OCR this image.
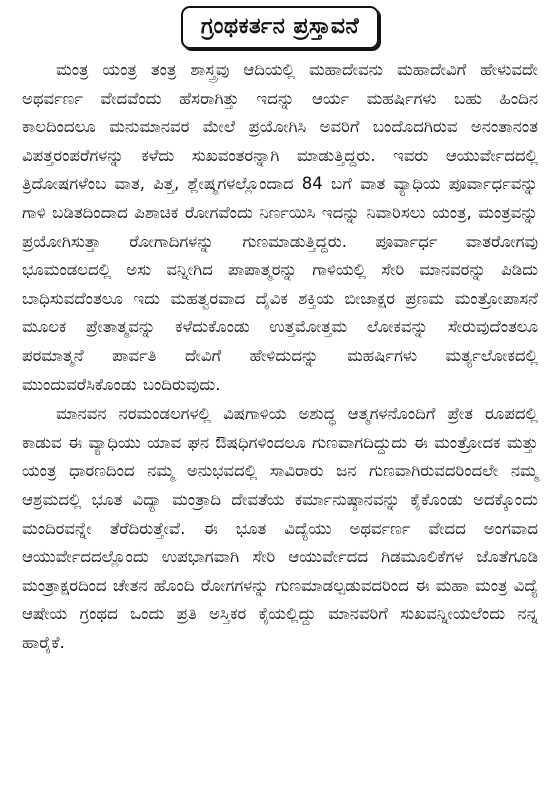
ಗ್ರಂಥಕರ್ತನ ಪ್ರಸ್ತಾವನೆ

ಮಂತ್ರ ಯಂತ್ರ ತಂತ್ರ ಶಾಸ್ತ್ರವು ಆದಿಯಲ್ಲಿ ಮಹಾದೇವನು ಮಹಾದೇವಿಗೆ ಹೇಳುವದೇ ಅಥರ್ವರ್ಣ ವೇದವೆಂದು ಹೆಸರಾಗಿತ್ತು ಇದನ್ನು ಆರ್ಯ ಮಹರ್ಷಿಗಳು ಬಹು ಹಿಂದಿನ ಕಾಲದಿಂದಲೂ ಮನುಮಾನವರ ಮೇಲೆ ಪ್ರಯೋಗಿಸಿ ಅವರಿಗೆ ಬಂದೊದಗಿರುವ ಅನಂತಾನಂತ ವಿಪತ್ತರಂಪರೆಗಳನ್ನು ಕಳೆದು ಸುಖವಂತರನ್ನಾಗಿ ಮಾಡುತ್ತಿದ್ದರು. ಇವರು ಆಯುರ್ವೇದದಲ್ಲಿ ತ್ರಿದೋಷಗಳೆಂಬ ವಾತ, ಪಿತ್ತ, ಶ್ಲೇಷ್ಮಗಳಲ್ಲೊಂದಾದ 84 ಬಗೆ ವಾತ ವ್ಯಾಧಿಯ ಪೂರ್ವಾರ್ಧವನ್ನು ಗಾಳಿ ಬಡಿತದಿಂದಾದ ಪಿಶಾಚಿಕ ರೋಗವೆಂದು ನಿರ್ಣಯಿಸಿ ಇದನ್ನು ನಿವಾರಿಸಲು ಯಂತ್ರ, ಮಂತ್ರವನ್ನು ಪ್ರಯೋಗಿಸುತ್ತಾ ರೋಗಾದಿಗಳನ್ನು ಗುಣಮಾಡುತ್ತಿದ್ದರು. ಪೂರ್ವಾರ್ಧ ವಾತರೋಗವು ಭೂಮಂಡಲದಲ್ಲಿ ಅಸು ವನ್ನೀಗಿದ ಪಾಪಾತ್ಮರನ್ನು ಗಾಳಿಯಲ್ಲಿ ಸೇರಿ ಮಾನವರನ್ನು ಪಿಡಿದು ಬಾಧಿಸುವದೆಂತಲೂ ಇದು ಮಹತ್ವರವಾದ ದೈವಿಕ ಶಕ್ತಿಯ ಬೀಜಾಕ್ಷರ ಪ್ರಣಮ ಮಂತ್ರೋಪಾಸನೆ ಮೂಲಕ ಪ್ರೇತಾತ್ಮವನ್ನು ಕಳೆದುಕೊಂಡು ಉತ್ತಮೋತ್ತಮ ಲೋಕವನ್ನು ಸೇರುವುದೆಂತಲೂ ಪರಮಾತ್ಮನೆ ಪಾರ್ವತಿ ದೇವಿಗೆ ಹೇಳಿದುದನ್ನು ಮಹರ್ಷಿಗಳು ಮರ್ತ್ಯಲೋಕದಲ್ಲಿ ಮುಂದುವರೆಸಿಕೊಂಡು ಬಂದಿರುವುದು.

ಮಾನವನ ನರಮಂಡಲಗಳಲ್ಲಿ ವಿಷಗಾಳಿಯ ಅಶುದ್ಧ ಆತ್ಮಗಳನೊಂದಿಗೆ ಪ್ರೇತ ರೂಪದಲ್ಲಿ ಕಾಡುವ ಈ ವ್ಯಾಧಿಯು ಯಾವ ಘನ ಔಷಧಿಗಳಿಂದಲೂ ಗುಣವಾಗದಿದ್ದುದು ಈ ಮಂತ್ರೋದಕ ಮತ್ತು ಯಂತ್ರ ಧಾರಣದಿಂದ ನಮ್ಮ ಅನುಭವದಲ್ಲಿ ಸಾವಿರಾರು ಜನ ಗುಣವಾಗಿರುವದರಿಂದಲೇ ನಮ್ಮ ಆಶ್ರಮದಲ್ಲಿ ಭೂತ ವಿದ್ಯಾ ಮಂತ್ರಾದಿ ದೇವತೆಯ ಕರ್ಮಾನುಷ್ಠಾನವನ್ನು ಕೈಕೊಂಡು ಅದಕ್ಕೊಂದು ಮಂದಿರವನ್ನೇ ತೆರೆದಿರುತ್ತೇವೆ. ಈ ಭೂತ ವಿದ್ಯೆಯು ಅಥರ್ವರ್ಣ ವೇದದ ಅಂಗವಾದ ಆಯುರ್ವೇದದಲ್ಲೊಂದು ಉಪಭಾಗವಾಗಿ ಸೇರಿ ಆಯುರ್ವೇದದ ಗಿಡಮೂಲಿಕೆಗಳ ಜೊತೆಗೂಡಿ ಮಂತ್ರಾಕ್ಷರದಿಂದ ಚೇತನ ಹೊಂದಿ ರೋಗಗಳನ್ನು ಗುಣಮಾಡಲ್ಪಡುವದರಿಂದ ಈ ಮಹಾ ಮಂತ್ರ ವಿದ್ಯೆ ಆಷೇಯ ಗ್ರಂಥದ ಒಂದು ಪ್ರತಿ ಅಸ್ತಿಕರ ಕೈಯಲ್ಲಿದ್ದು ಮಾನವರಿಗೆ ಸುಖವನ್ನೀಯಲೆಂದು ನನ್ನ ಹಾರೈಕೆ.
